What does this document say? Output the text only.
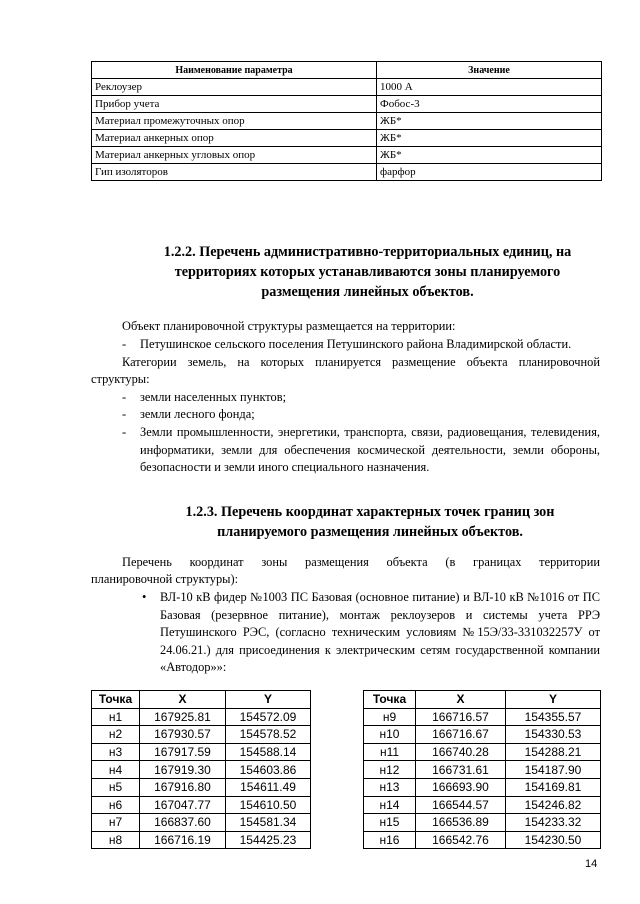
Наименование параметра	Значение
Реклоузер	1000 А
Прибор учета	Фобос-3
Материал промежуточных опор	ЖБ*
Материал анкерных опор	ЖБ*
Материал анкерных угловых опор	ЖБ*
Гип изоляторов	фарфор
1.2.2. Перечень административно-территориальных единиц, на
территориях которых устанавливаются зоны планируемого
размещения линейных объектов.
Объект планировочной структуры размещается на территории:
-	Петушинское сельского поселения Петушинского района Владимирской области.
Категории земель, на которых планируется размещение объекта планировочной
структуры:
-	земли населенных пунктов;
-	земли лесного фонда;
-	Земли промышленности, энергетики, транспорта, связи, радиовещания, телевидения, информатики, земли для обеспечения космической деятельности, земли обороны, безопасности и земли иного специального назначения.
1.2.3. Перечень координат характерных точек границ зон
планируемого размещения линейных объектов.
Перечень координат зоны размещения объекта (в границах территории
планировочной структуры):
•	ВЛ-10 кВ фидер №1003 ПС Базовая (основное питание) и ВЛ-10 кВ №1016 от ПС Базовая (резервное питание), монтаж реклоузеров и системы учета РРЭ Петушинского РЭС, (согласно техническим условиям №15Э/33-331032257У от 24.06.21.) для присоединения к электрическим сетям государственной компании «Автодор»»:
Точка	X	Y
н1	167925.81	154572.09
н2	167930.57	154578.52
н3	167917.59	154588.14
н4	167919.30	154603.86
н5	167916.80	154611.49
н6	167047.77	154610.50
н7	166837.60	154581.34
н8	166716.19	154425.23
Точка	X	Y
н9	166716.57	154355.57
н10	166716.67	154330.53
н11	166740.28	154288.21
н12	166731.61	154187.90
н13	166693.90	154169.81
н14	166544.57	154246.82
н15	166536.89	154233.32
н16	166542.76	154230.50
14
